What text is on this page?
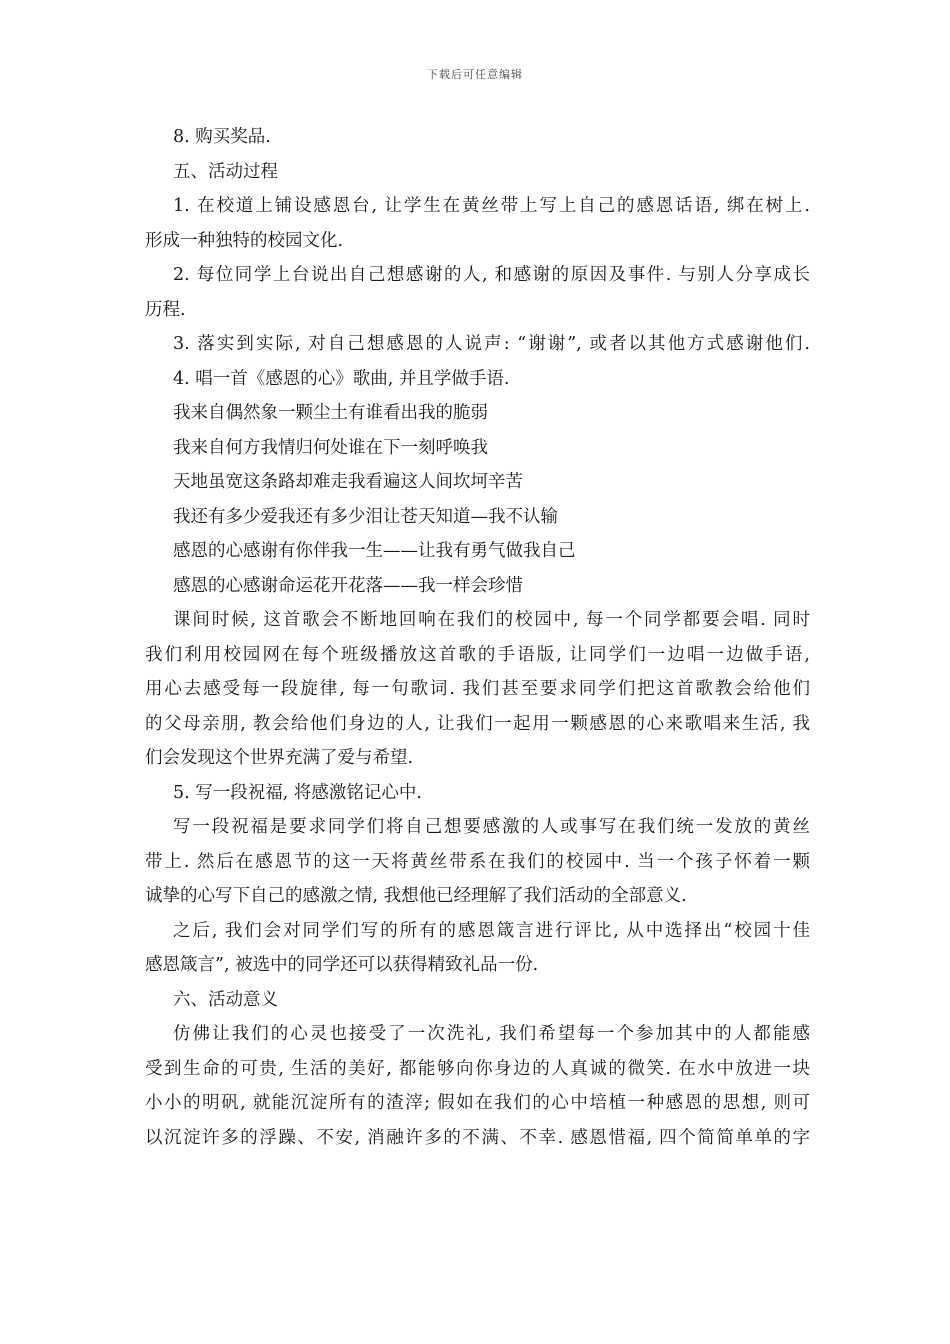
下载后可任意编辑
8. 购买奖品.
五、活动过程
1. 在校道上铺设感恩台, 让学生在黄丝带上写上自己的感恩话语, 绑在树上.
形成一种独特的校园文化.
2. 每位同学上台说出自己想感谢的人, 和感谢的原因及事件. 与别人分享成长
历程.
3. 落实到实际, 对自己想感恩的人说声: “谢谢”, 或者以其他方式感谢他们.
4. 唱一首《感恩的心》歌曲, 并且学做手语.
我来自偶然象一颗尘土有谁看出我的脆弱
我来自何方我情归何处谁在下一刻呼唤我
天地虽宽这条路却难走我看遍这人间坎坷辛苦
我还有多少爱我还有多少泪让苍天知道—我不认输
感恩的心感谢有你伴我一生——让我有勇气做我自己
感恩的心感谢命运花开花落——我一样会珍惜
课间时候, 这首歌会不断地回响在我们的校园中, 每一个同学都要会唱. 同时
我们利用校园网在每个班级播放这首歌的手语版, 让同学们一边唱一边做手语,
用心去感受每一段旋律, 每一句歌词. 我们甚至要求同学们把这首歌教会给他们
的父母亲朋, 教会给他们身边的人, 让我们一起用一颗感恩的心来歌唱来生活, 我
们会发现这个世界充满了爱与希望.
5. 写一段祝福, 将感激铭记心中.
写一段祝福是要求同学们将自己想要感激的人或事写在我们统一发放的黄丝
带上. 然后在感恩节的这一天将黄丝带系在我们的校园中. 当一个孩子怀着一颗
诚挚的心写下自己的感激之情, 我想他已经理解了我们活动的全部意义.
之后, 我们会对同学们写的所有的感恩箴言进行评比, 从中选择出“校园十佳
感恩箴言”, 被选中的同学还可以获得精致礼品一份.
六、活动意义
仿佛让我们的心灵也接受了一次洗礼, 我们希望每一个参加其中的人都能感
受到生命的可贵, 生活的美好, 都能够向你身边的人真诚的微笑. 在水中放进一块
小小的明矾, 就能沉淀所有的渣滓; 假如在我们的心中培植一种感恩的思想, 则可
以沉淀许多的浮躁、不安, 消融许多的不满、不幸. 感恩惜福, 四个简简单单的字
